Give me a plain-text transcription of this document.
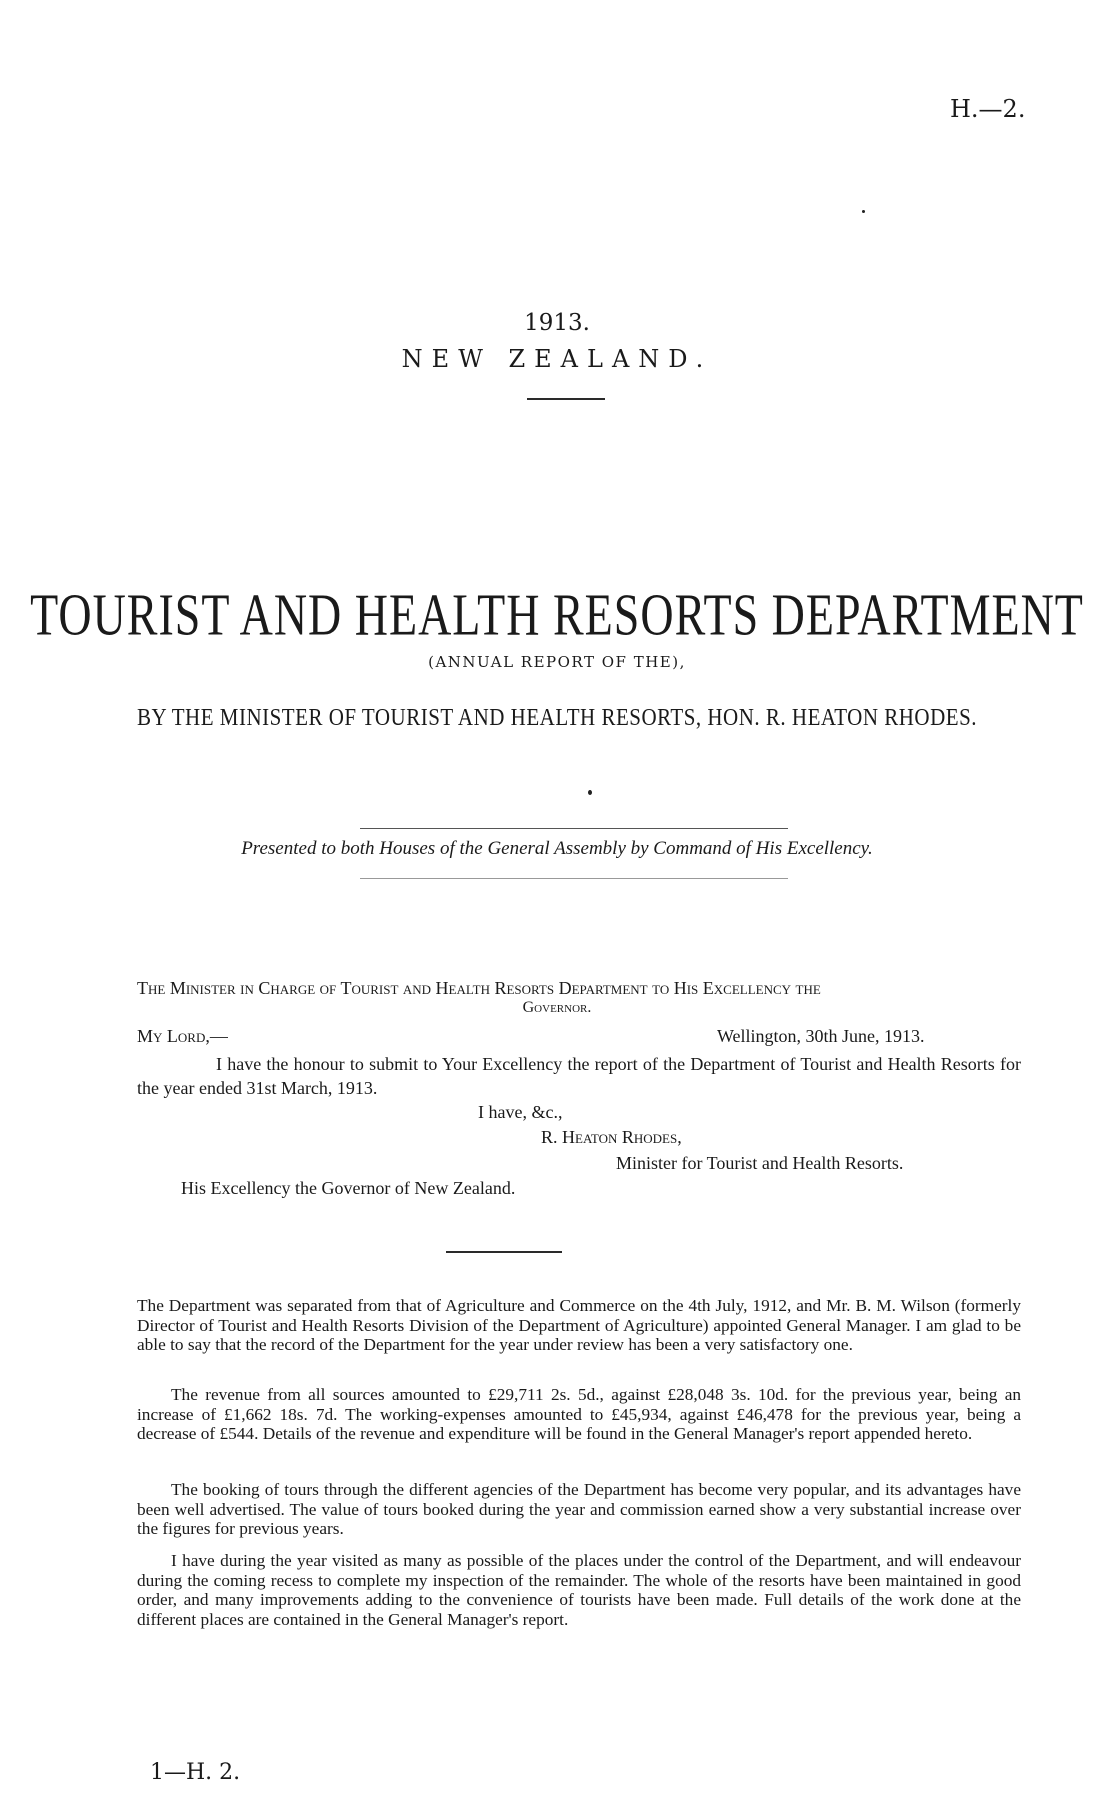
H.—2.
1913.
NEW ZEALAND.
TOURIST AND HEALTH RESORTS DEPARTMENT
(ANNUAL REPORT OF THE),
BY THE MINISTER OF TOURIST AND HEALTH RESORTS, HON. R. HEATON RHODES.
Presented to both Houses of the General Assembly by Command of His Excellency.
The Minister in Charge of Tourist and Health Resorts Department to His Excellency the
Governor.
My Lord,—	Wellington, 30th June, 1913.

I have the honour to submit to Your Excellency the report of the Department of Tourist and Health Resorts for the year ended 31st March, 1913.

I have, &c.,
R. Heaton Rhodes,
Minister for Tourist and Health Resorts.
His Excellency the Governor of New Zealand.

The Department was separated from that of Agriculture and Commerce on the 4th July, 1912, and Mr. B. M. Wilson (formerly Director of Tourist and Health Resorts Division of the Department of Agriculture) appointed General Manager. I am glad to be able to say that the record of the Department for the year under review has been a very satisfactory one.

The revenue from all sources amounted to £29,711 2s. 5d., against £28,048 3s. 10d. for the previous year, being an increase of £1,662 18s. 7d. The working-expenses amounted to £45,934, against £46,478 for the previous year, being a decrease of £544. Details of the revenue and expenditure will be found in the General Manager's report appended hereto.

The booking of tours through the different agencies of the Department has become very popular, and its advantages have been well advertised. The value of tours booked during the year and commission earned show a very substantial increase over the figures for previous years.

I have during the year visited as many as possible of the places under the control of the Department, and will endeavour during the coming recess to complete my inspection of the remainder. The whole of the resorts have been maintained in good order, and many improvements adding to the convenience of tourists have been made. Full details of the work done at the different places are contained in the General Manager's report.

1—H. 2.
